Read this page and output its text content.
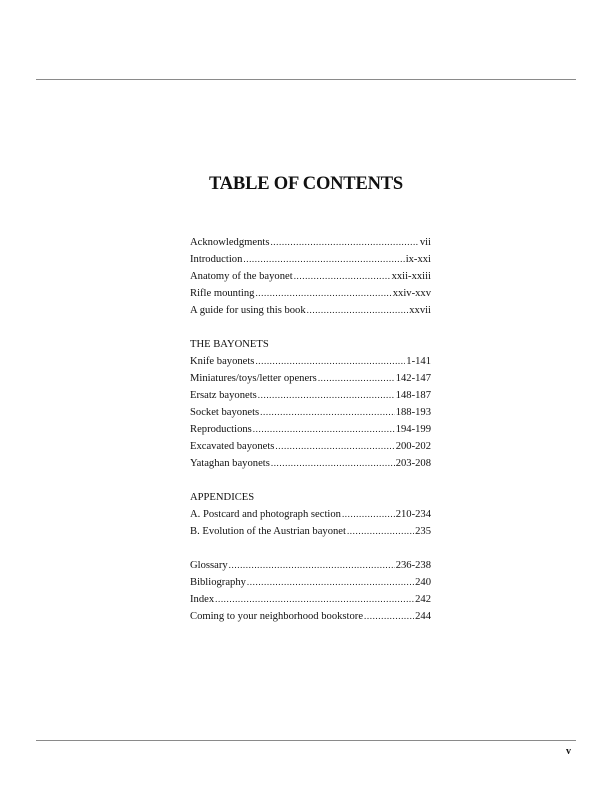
TABLE OF CONTENTS
Acknowledgments .....	vii
Introduction .....	ix-xxi
Anatomy of the bayonet .....	xxii-xxiii
Rifle mounting .....	xxiv-xxv
A guide for using this book .....	xxvii
THE BAYONETS
Knife bayonets .....	1-141
Miniatures/toys/letter openers .....	142-147
Ersatz bayonets .....	148-187
Socket bayonets .....	188-193
Reproductions .....	194-199
Excavated bayonets .....	200-202
Yataghan bayonets .....	203-208
APPENDICES
A. Postcard and photograph section .....	210-234
B. Evolution of the Austrian bayonet .....	235
Glossary .....	236-238
Bibliography .....	240
Index .....	242
Coming to your neighborhood bookstore .....	244
v
